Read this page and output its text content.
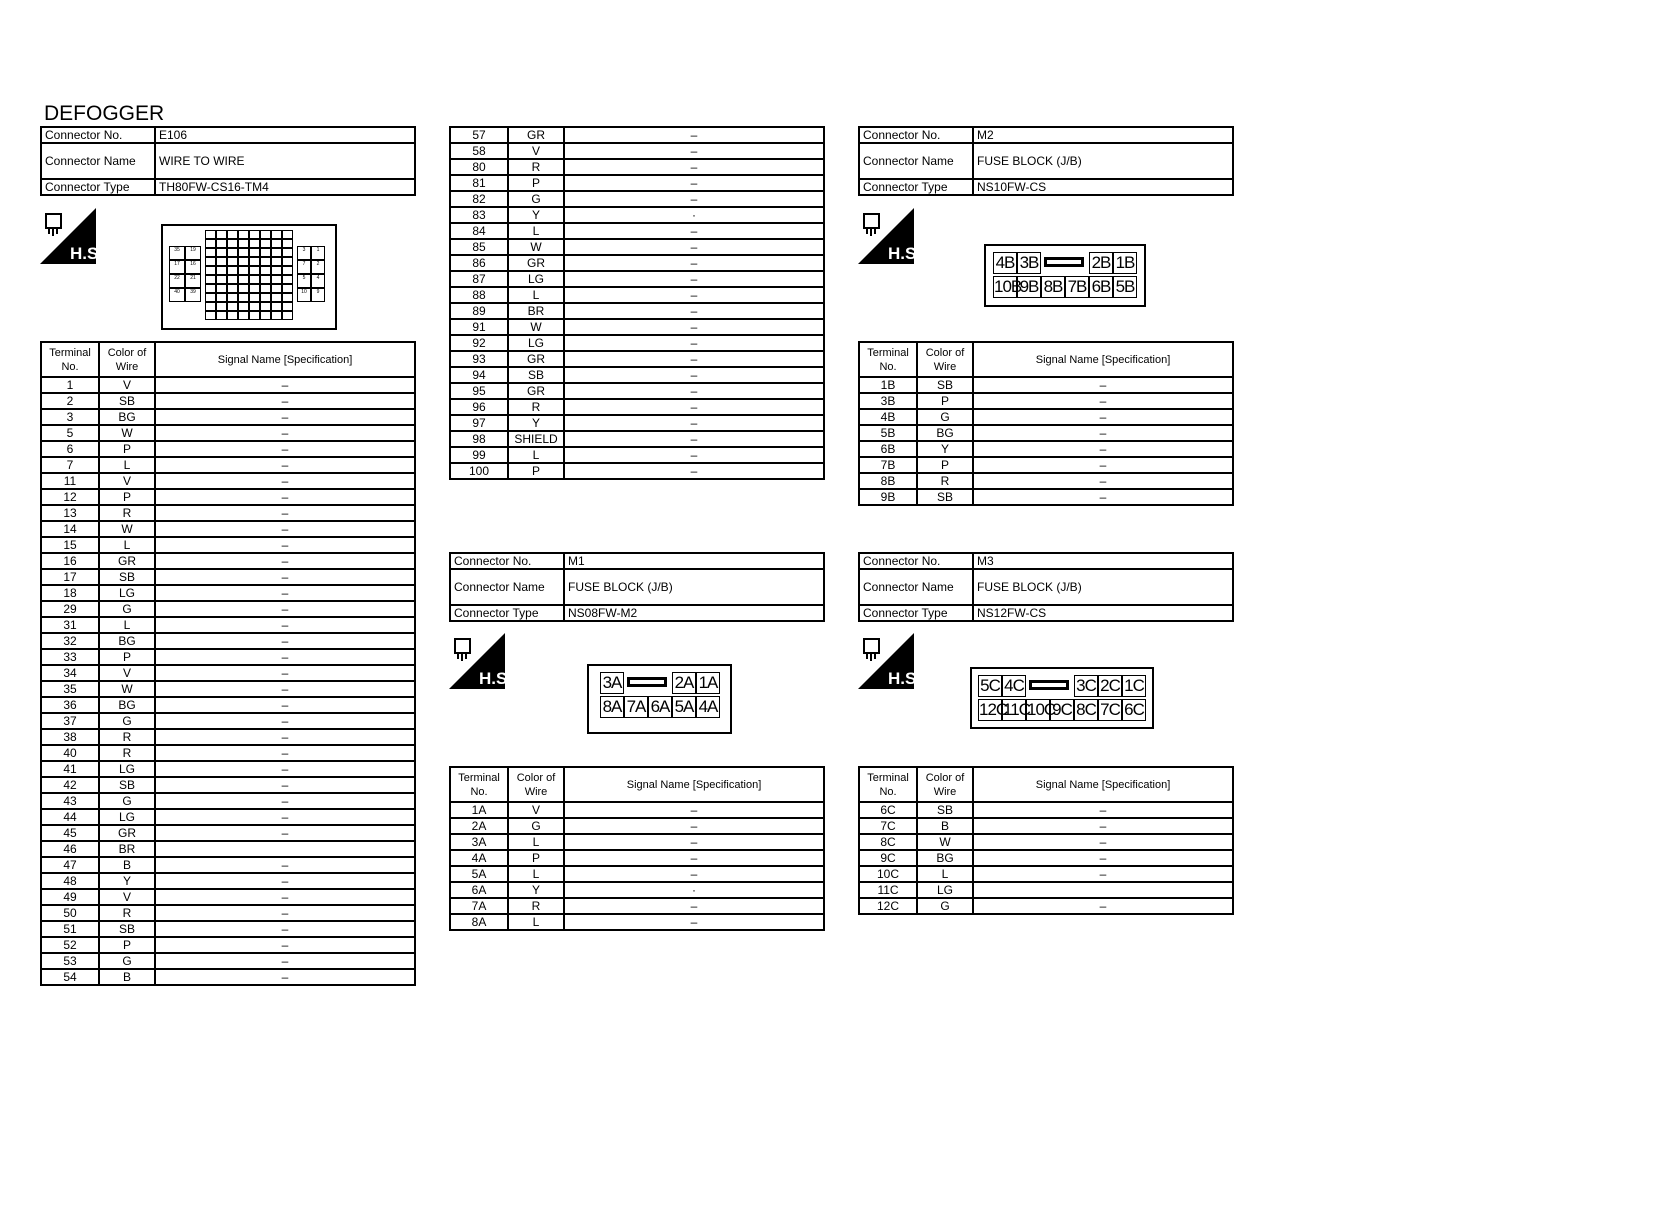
DEFOGGER
Connector No.	E106
Connector Name	WIRE TO WIRE
Connector Type	TH80FW-CS16-TM4
H.S.	35	19
17	16
22	21
40	39
3	1
7	2
5	4
10	9
Terminal No.	Color of Wire	Signal Name [Specification]
1	V	–
2	SB	–
3	BG	–
5	W	–
6	P	–
7	L	–
11	V	–
12	P	–
13	R	–
14	W	–
15	L	–
16	GR	–
17	SB	–
18	LG	–
29	G	–
31	L	–
32	BG	–
33	P	–
34	V	–
35	W	–
36	BG	–
37	G	–
38	R	–
40	R	–
41	LG	–
42	SB	–
43	G	–
44	LG	–
45	GR	–
46	BR	
47	B	–
48	Y	–
49	V	–
50	R	–
51	SB	–
52	P	–
53	G	–
54	B	–
57	GR	–
58	V	–
80	R	–
81	P	–
82	G	–
83	Y	·
84	L	–
85	W	–
86	GR	–
87	LG	–
88	L	–
89	BR	–
91	W	–
92	LG	–
93	GR	–
94	SB	–
95	GR	–
96	R	–
97	Y	–
98	SHIELD	–
99	L	–
100	P	–
Connector No.	M1
Connector Name	FUSE BLOCK (J/B)
Connector Type	NS08FW-M2
H.S.	3A	2A 1A
8A 7A 6A 5A 4A
Terminal No.	Color of Wire	Signal Name [Specification]
1A	V	–
2A	G	–
3A	L	–
4A	P	–
5A	L	–
6A	Y	·
7A	R	–
8A	L	–
Connector No.	M2
Connector Name	FUSE BLOCK (J/B)
Connector Type	NS10FW-CS
H.S.	4B 3B	2B 1B
10B
9B 8B 7B 6B 5B
Terminal No.	Color of Wire	Signal Name [Specification]
1B	SB	–
3B	P	–
4B	G	–
5B	BG	–
6B	Y	–
7B	P	–
8B	R	–
9B	SB	–
Connector No.	M3
Connector Name	FUSE BLOCK (J/B)
Connector Type	NS12FW-CS
H.S.	5C 4C	3C 2C 1C
12C
11C
10C
9C 8C 7C 6C
Terminal No.	Color of Wire	Signal Name [Specification]
6C	SB	–
7C	B	–
8C	W	–
9C	BG	–
10C	L	–
11C	LG	
12C	G	–
